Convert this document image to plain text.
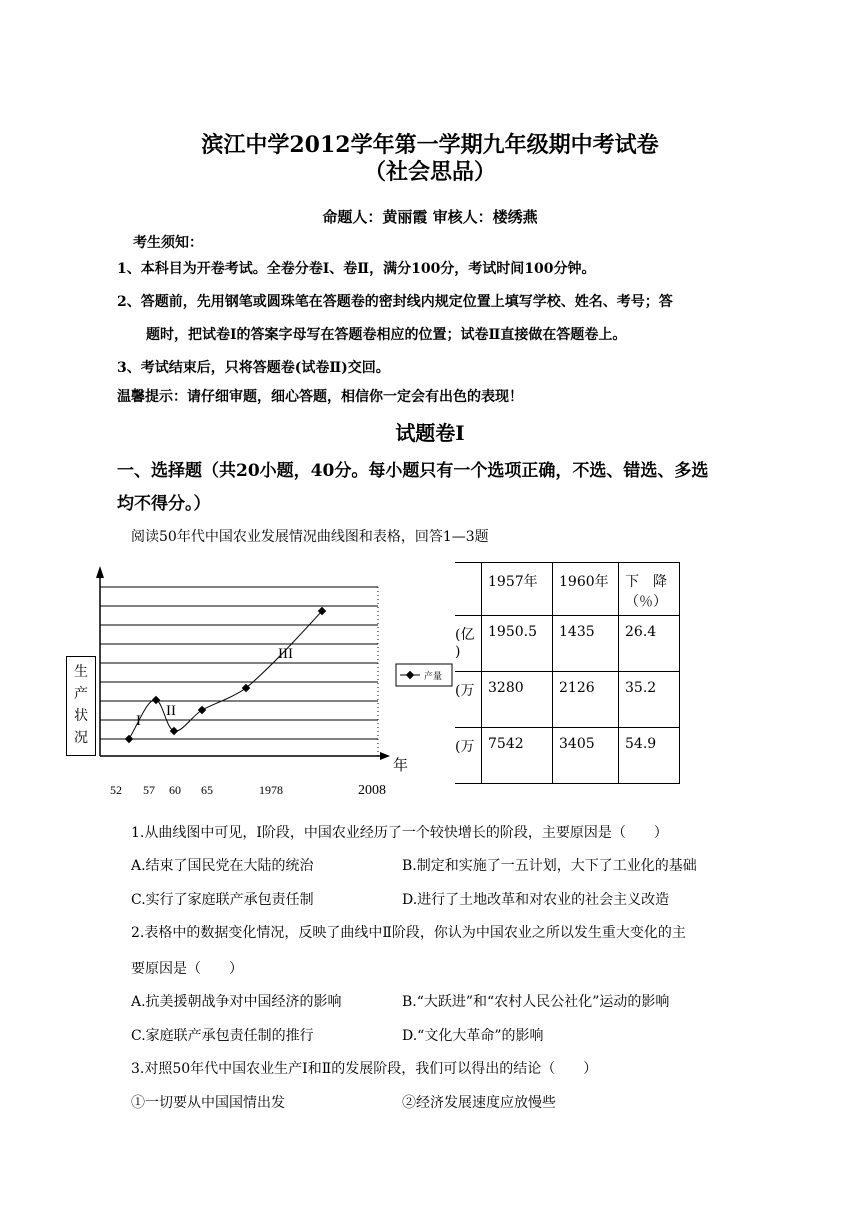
滨江中学2012学年第一学期九年级期中考试卷
（社会思品）
命题人：黄丽霞 审核人：楼绣燕
考生须知：
1、本科目为开卷考试。全卷分卷Ⅰ、卷Ⅱ，满分100分，考试时间100分钟。
2、答题前，先用钢笔或圆珠笔在答题卷的密封线内规定位置上填写学校、姓名、考号；答
题时，把试卷Ⅰ的答案字母写在答题卷相应的位置；试卷Ⅱ直接做在答题卷上。
3、考试结束后，只将答题卷(试卷Ⅱ)交回。
温馨提示：请仔细审题，细心答题，相信你一定会有出色的表现！
试题卷Ⅰ
一、选择题（共20小题，40分。每小题只有一个选项正确，不选、错选、多选
均不得分。）
阅读50年代中国农业发展情况曲线图和表格，回答1—3题
I
II
III
产量
年
52 57 60 65	1978	2008
生产状况
	1957年	1960年	下　降（％）
(亿
)	1950.5	1435	26.4
(万	3280	2126	35.2
(万	7542	3405	54.9
1.从曲线图中可见，Ⅰ阶段，中国农业经历了一个较快增长的阶段，主要原因是（　　）
A.结束了国民党在大陆的统治	B.制定和实施了一五计划，大下了工业化的基础
C.实行了家庭联产承包责任制	D.进行了土地改革和对农业的社会主义改造
2.表格中的数据变化情况，反映了曲线中Ⅱ阶段，你认为中国农业之所以发生重大变化的主
要原因是（　　）
A.抗美援朝战争对中国经济的影响	B.“大跃进”和“农村人民公社化”运动的影响
C.家庭联产承包责任制的推行	D.“文化大革命”的影响
3.对照50年代中国农业生产Ⅰ和Ⅱ的发展阶段，我们可以得出的结论（　　）
①一切要从中国国情出发	②经济发展速度应放慢些
